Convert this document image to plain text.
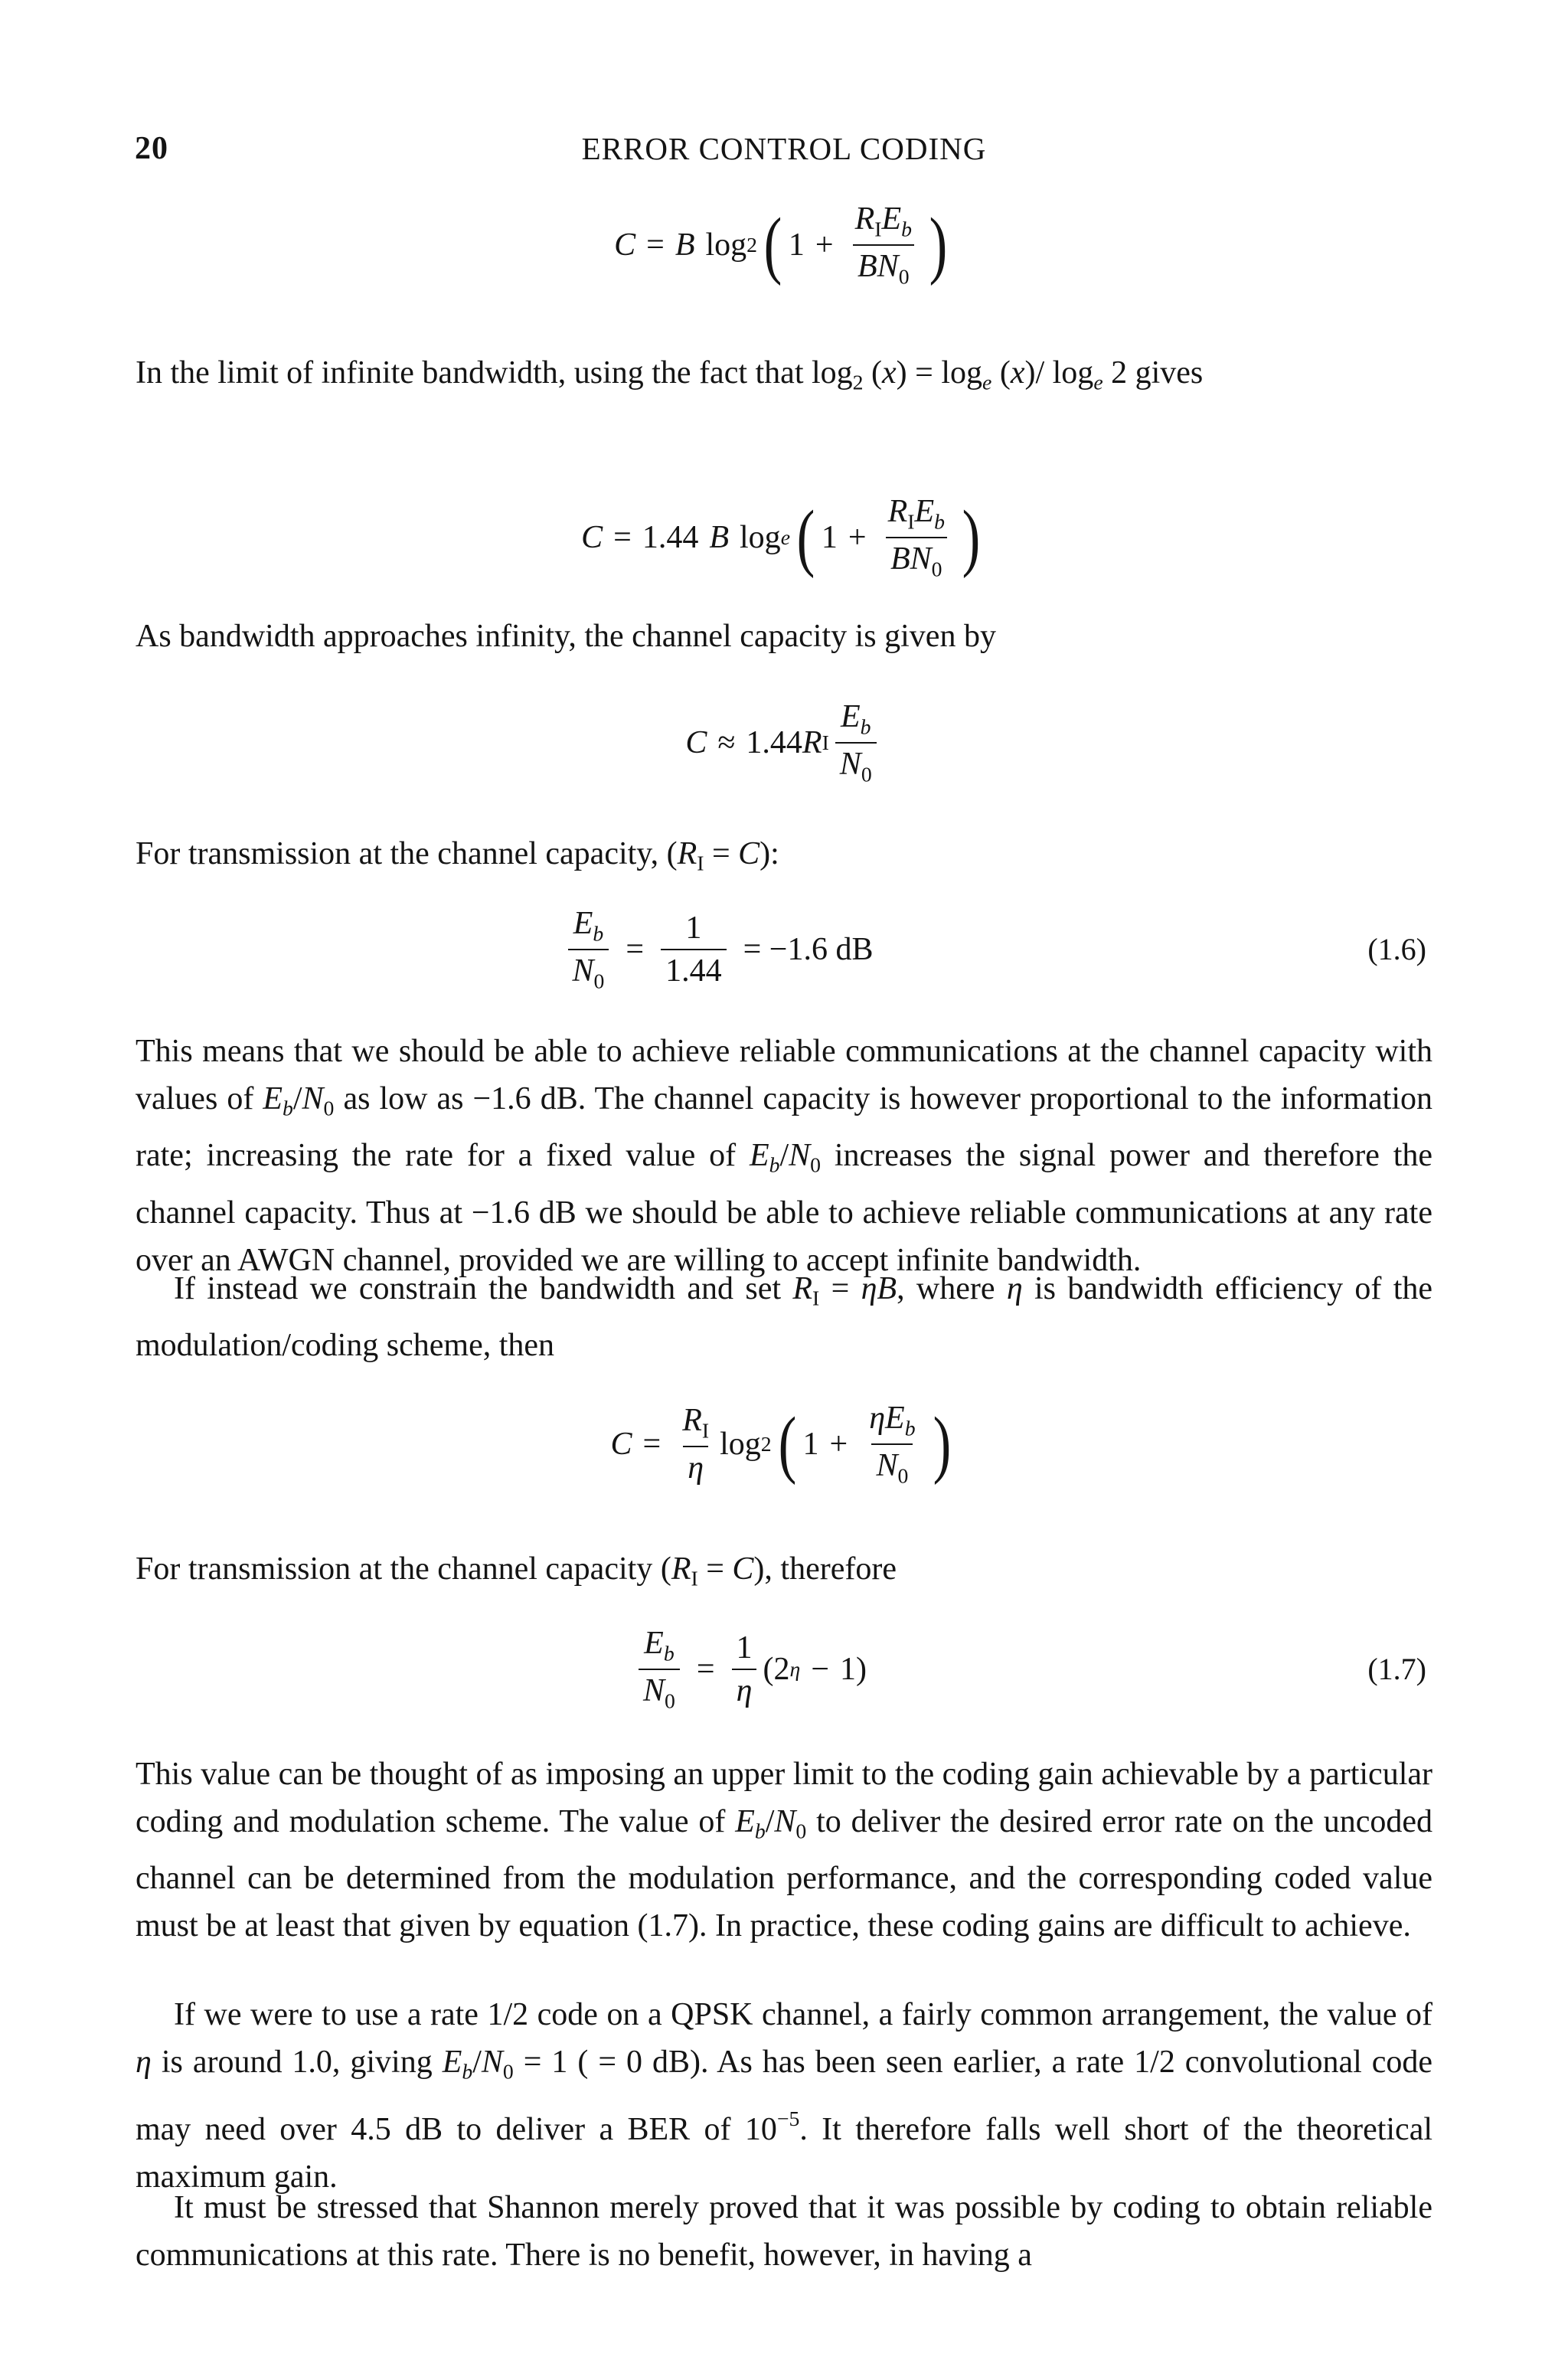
20	ERROR CONTROL CODING
C = B log 2 ( $1 + \frac{R_IE_b}{BN_0}$ )

In the limit of infinite bandwidth, using the fact that log2 (x) = loge (x)/ loge 2 gives

C = 1.44 B log e ( $1 + \frac{R_IE_b}{BN_0}$ )

As bandwidth approaches infinity, the channel capacity is given by

C ≈ 1.44 R I $\frac{E_b}{N_0}$

For transmission at the channel capacity, (RI = C):

$\frac{E_b}{N_0} = \frac{1}{1.44} = -1.6$ dB	(1.6)

This means that we should be able to achieve reliable communications at the channel capacity with values of Eb/N0 as low as −1.6 dB. The channel capacity is however proportional to the information rate; increasing the rate for a fixed value of Eb/N0 increases the signal power and therefore the channel capacity. Thus at −1.6 dB we should be able to achieve reliable communications at any rate over an AWGN channel, provided we are willing to accept infinite bandwidth.

If instead we constrain the bandwidth and set RI = ηB, where η is bandwidth efficiency of the modulation/coding scheme, then

$C = \frac{R_I}{\eta}$ log 2 ( $1 + \frac{\eta E_b}{N_0}$ )

For transmission at the channel capacity (RI = C), therefore

$\frac{E_b}{N_0} = \frac{1}{\eta} (2$ η − 1)	(1.7)

This value can be thought of as imposing an upper limit to the coding gain achievable by a particular coding and modulation scheme. The value of Eb/N0 to deliver the desired error rate on the uncoded channel can be determined from the modulation performance, and the corresponding coded value must be at least that given by equation (1.7). In practice, these coding gains are difficult to achieve.

If we were to use a rate 1/2 code on a QPSK channel, a fairly common arrangement, the value of η is around 1.0, giving Eb/N0 = 1 ( = 0 dB). As has been seen earlier, a rate 1/2 convolutional code may need over 4.5 dB to deliver a BER of $10^{-5}$. It therefore falls well short of the theoretical maximum gain.

It must be stressed that Shannon merely proved that it was possible by coding to obtain reliable communications at this rate. There is no benefit, however, in having a
